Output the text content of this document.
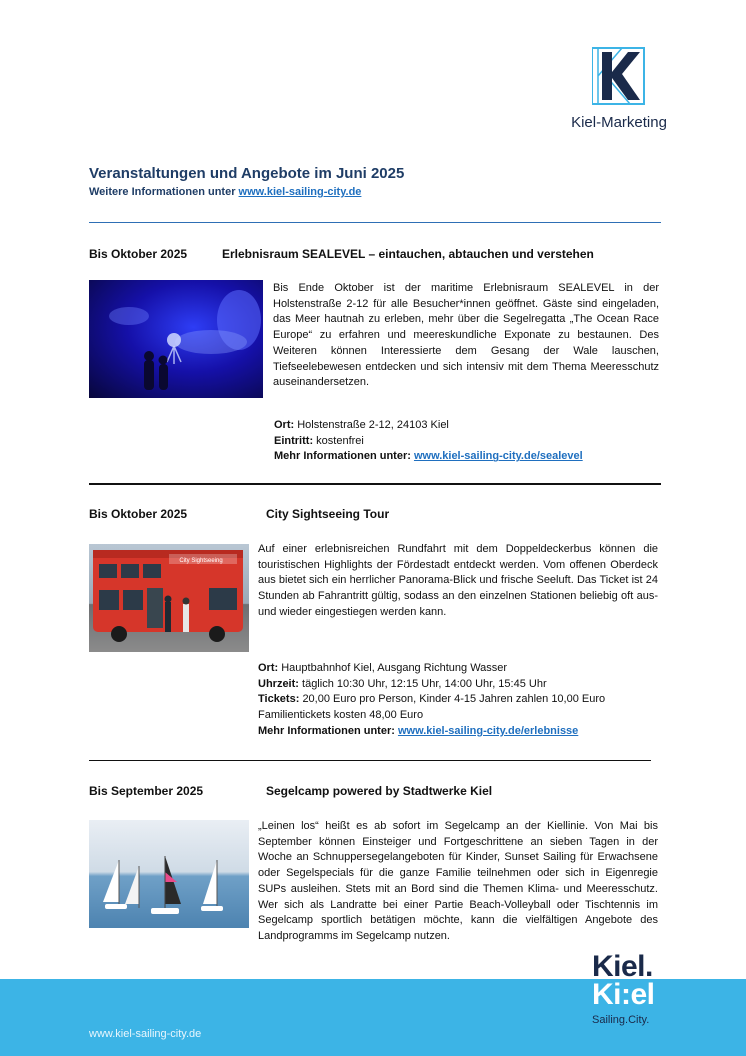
Kiel-Marketing
Veranstaltungen und Angebote im Juni 2025
Weitere Informationen unter www.kiel-sailing-city.de
Bis Oktober 2025	Erlebnisraum SEALEVEL – eintauchen, abtauchen und verstehen
Bis Ende Oktober ist der maritime Erlebnisraum SEALEVEL in der Holstenstraße 2-12 für alle Besucher*innen geöffnet. Gäste sind eingeladen, das Meer hautnah zu erleben, mehr über die Segelregatta „The Ocean Race Europe“ zu erfahren und meereskundliche Exponate zu bestaunen. Des Weiteren können Interessierte dem Gesang der Wale lauschen, Tiefseelebewesen entdecken und sich intensiv mit dem Thema Meeresschutz auseinandersetzen.
Ort: Holstenstraße 2-12, 24103 Kiel
Eintritt: kostenfrei
Mehr Informationen unter: www.kiel-sailing-city.de/sealevel
Bis Oktober 2025	City Sightseeing Tour
City Sightseeing
Auf einer erlebnisreichen Rundfahrt mit dem Doppeldeckerbus können die touristischen Highlights der Fördestadt entdeckt werden. Vom offenen Oberdeck aus bietet sich ein herrlicher Panorama-Blick und frische Seeluft. Das Ticket ist 24 Stunden ab Fahrantritt gültig, sodass an den einzelnen Stationen beliebig oft aus- und wieder eingestiegen werden kann.
Ort: Hauptbahnhof Kiel, Ausgang Richtung Wasser
Uhrzeit: täglich 10:30 Uhr, 12:15 Uhr, 14:00 Uhr, 15:45 Uhr
Tickets: 20,00 Euro pro Person, Kinder 4-15 Jahren zahlen 10,00 Euro
Familientickets kosten 48,00 Euro
Mehr Informationen unter: www.kiel-sailing-city.de/erlebnisse
Bis September 2025	Segelcamp powered by Stadtwerke Kiel
„Leinen los“ heißt es ab sofort im Segelcamp an der Kiellinie. Von Mai bis September können Einsteiger und Fortgeschrittene an sieben Tagen in der Woche an Schnuppersegelangeboten für Kinder, Sunset Sailing für Erwachsene oder Segelspecials für die ganze Familie teilnehmen oder sich in Eigenregie SUPs ausleihen. Stets mit an Bord sind die Themen Klima- und Meeresschutz. Wer sich als Landratte bei einer Partie Beach-Volleyball oder Tischtennis im Segelcamp sportlich betätigen möchte, kann die vielfältigen Angebote des Landprogramms im Segelcamp nutzen.
www.kiel-sailing-city.de
Kiel.
Ki:el
Sailing.City.
